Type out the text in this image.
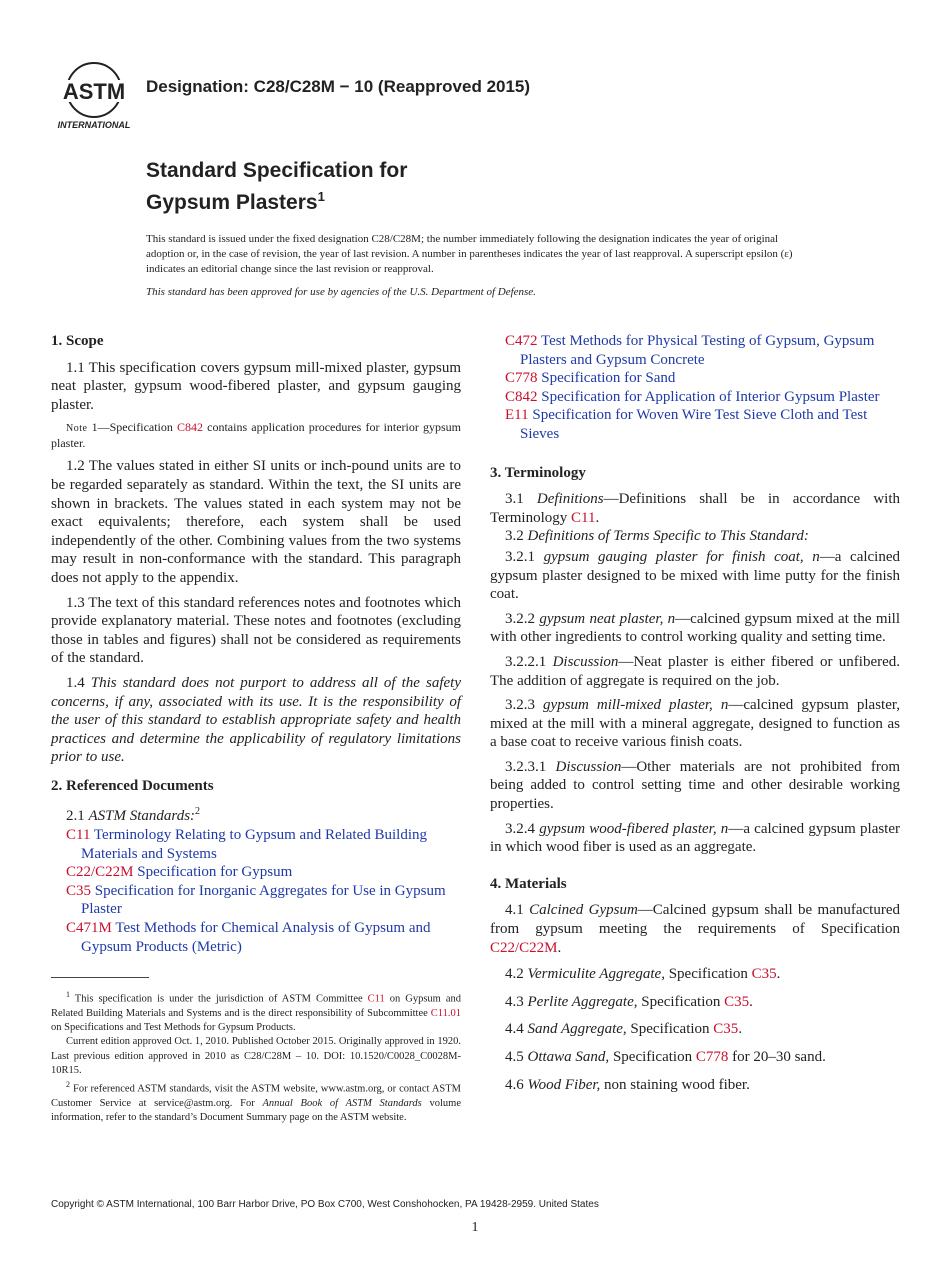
ASTM
INTERNATIONAL
Designation: C28/C28M − 10 (Reapproved 2015)
Standard Specification for
Gypsum Plasters$^1$

This standard is issued under the fixed designation C28/C28M; the number immediately following the designation indicates the year of original adoption or, in the case of revision, the year of last revision. A number in parentheses indicates the year of last reapproval. A superscript epsilon (ε) indicates an editorial change since the last revision or reapproval.

This standard has been approved for use by agencies of the U.S. Department of Defense.

1. Scope

1.1 This specification covers gypsum mill-mixed plaster, gypsum neat plaster, gypsum wood-fibered plaster, and gypsum gauging plaster.

Note 1—Specification C842 contains application procedures for interior gypsum plaster.

1.2 The values stated in either SI units or inch-pound units are to be regarded separately as standard. Within the text, the SI units are shown in brackets. The values stated in each system may not be exact equivalents; therefore, each system shall be used independently of the other. Combining values from the two systems may result in non-conformance with the standard. This paragraph does not apply to the appendix.

1.3 The text of this standard references notes and footnotes which provide explanatory material. These notes and footnotes (excluding those in tables and figures) shall not be considered as requirements of the standard.

1.4 This standard does not purport to address all of the safety concerns, if any, associated with its use. It is the responsibility of the user of this standard to establish appropriate safety and health practices and determine the applicability of regulatory limitations prior to use.

2. Referenced Documents

2.1 ASTM Standards:$^2$

C11 Terminology Relating to Gypsum and Related Building Materials and Systems

C22/C22M Specification for Gypsum

C35 Specification for Inorganic Aggregates for Use in Gypsum Plaster

C471M Test Methods for Chemical Analysis of Gypsum and Gypsum Products (Metric)

$^1$ This specification is under the jurisdiction of ASTM Committee C11 on Gypsum and Related Building Materials and Systems and is the direct responsibility of Subcommittee C11.01 on Specifications and Test Methods for Gypsum Products.

Current edition approved Oct. 1, 2010. Published October 2015. Originally approved in 1920. Last previous edition approved in 2010 as C28/C28M – 10. DOI: 10.1520/C0028_C0028M-10R15.

$^2$ For referenced ASTM standards, visit the ASTM website, www.astm.org, or contact ASTM Customer Service at service@astm.org. For Annual Book of ASTM Standards volume information, refer to the standard’s Document Summary page on the ASTM website.

C472 Test Methods for Physical Testing of Gypsum, Gypsum Plasters and Gypsum Concrete

C778 Specification for Sand

C842 Specification for Application of Interior Gypsum Plaster

E11 Specification for Woven Wire Test Sieve Cloth and Test Sieves

3. Terminology

3.1 Definitions—Definitions shall be in accordance with Terminology C11.

3.2 Definitions of Terms Specific to This Standard:

3.2.1 gypsum gauging plaster for finish coat, n—a calcined gypsum plaster designed to be mixed with lime putty for the finish coat.

3.2.2 gypsum neat plaster, n—calcined gypsum mixed at the mill with other ingredients to control working quality and setting time.

3.2.2.1 Discussion—Neat plaster is either fibered or unfibered. The addition of aggregate is required on the job.

3.2.3 gypsum mill-mixed plaster, n—calcined gypsum plaster, mixed at the mill with a mineral aggregate, designed to function as a base coat to receive various finish coats.

3.2.3.1 Discussion—Other materials are not prohibited from being added to control setting time and other desirable working properties.

3.2.4 gypsum wood-fibered plaster, n—a calcined gypsum plaster in which wood fiber is used as an aggregate.

4. Materials

4.1 Calcined Gypsum—Calcined gypsum shall be manufactured from gypsum meeting the requirements of Specification C22/C22M.

4.2 Vermiculite Aggregate, Specification C35.

4.3 Perlite Aggregate, Specification C35.

4.4 Sand Aggregate, Specification C35.

4.5 Ottawa Sand, Specification C778 for 20–30 sand.

4.6 Wood Fiber, non staining wood fiber.

Copyright © ASTM International, 100 Barr Harbor Drive, PO Box C700, West Conshohocken, PA 19428-2959. United States
1
